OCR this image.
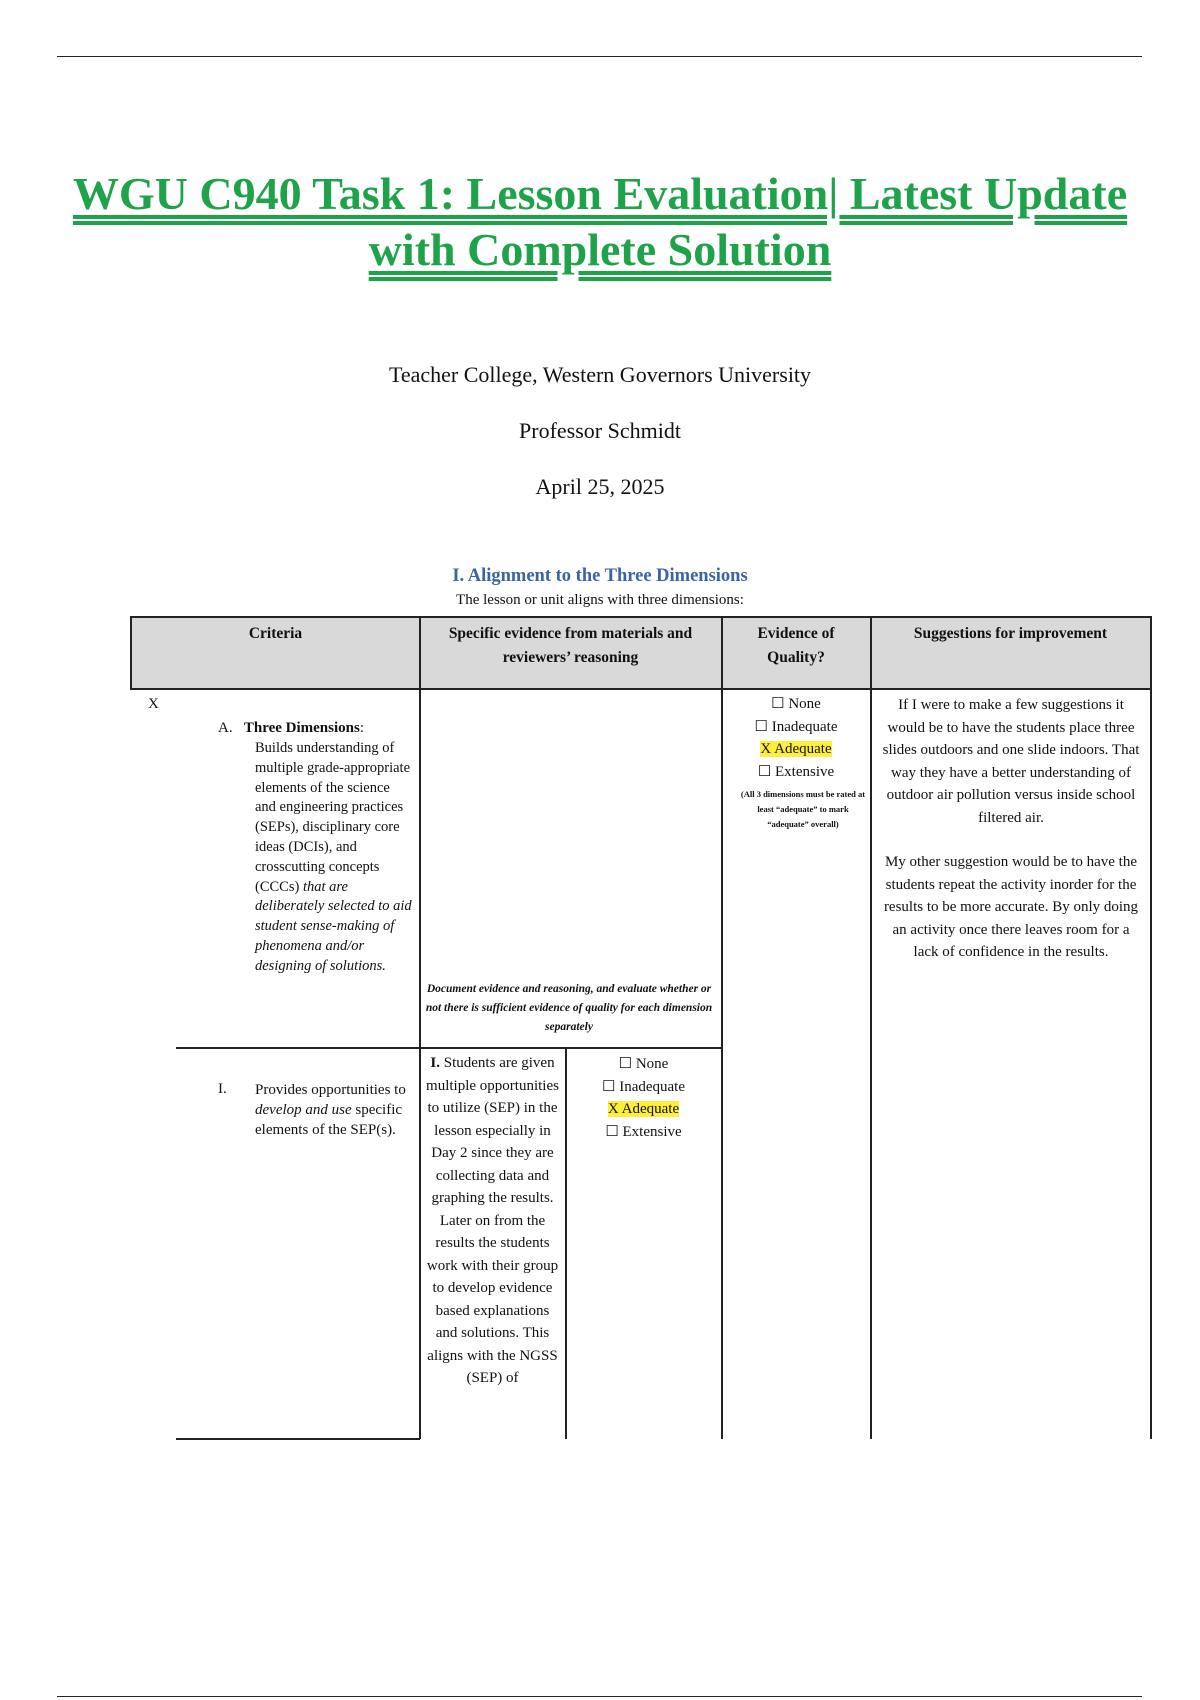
WGU C940 Task 1: Lesson Evaluation| Latest Update with Complete Solution
Teacher College, Western Governors University
Professor Schmidt
April 25, 2025
I. Alignment to the Three Dimensions
The lesson or unit aligns with three dimensions:
Criteria	Specific evidence from materials and
reviewers’ reasoning
Evidence of
Quality?
Suggestions for improvement
X
A. Three Dimensions:
Builds understanding of multiple grade-appropriate elements of the science and engineering practices (SEPs), disciplinary core ideas (DCIs), and crosscutting concepts (CCCs) that are deliberately selected to aid student sense-making of phenomena and/or designing of solutions.
Document evidence and reasoning, and evaluate whether or not there is sufficient evidence of quality for each dimension separately
☐ None
☐ Inadequate
X Adequate
☐ Extensive
(All 3 dimensions must be rated at least “adequate” to mark “adequate” overall)

If I were to make a few suggestions it would be to have the students place three slides outdoors and one slide indoors. That way they have a better understanding of outdoor air pollution versus inside school filtered air.

My other suggestion would be to have the students repeat the activity inorder for the results to be more accurate. By only doing an activity once there leaves room for a lack of confidence in the results.

I. Provides opportunities to develop and use specific elements of the SEP(s).
I. Students are given multiple opportunities to utilize (SEP) in the lesson especially in Day 2 since they are collecting data and graphing the results. Later on from the results the students work with their group to develop evidence based explanations and solutions. This aligns with the NGSS (SEP) of
☐ None
☐ Inadequate
X Adequate
☐ Extensive
